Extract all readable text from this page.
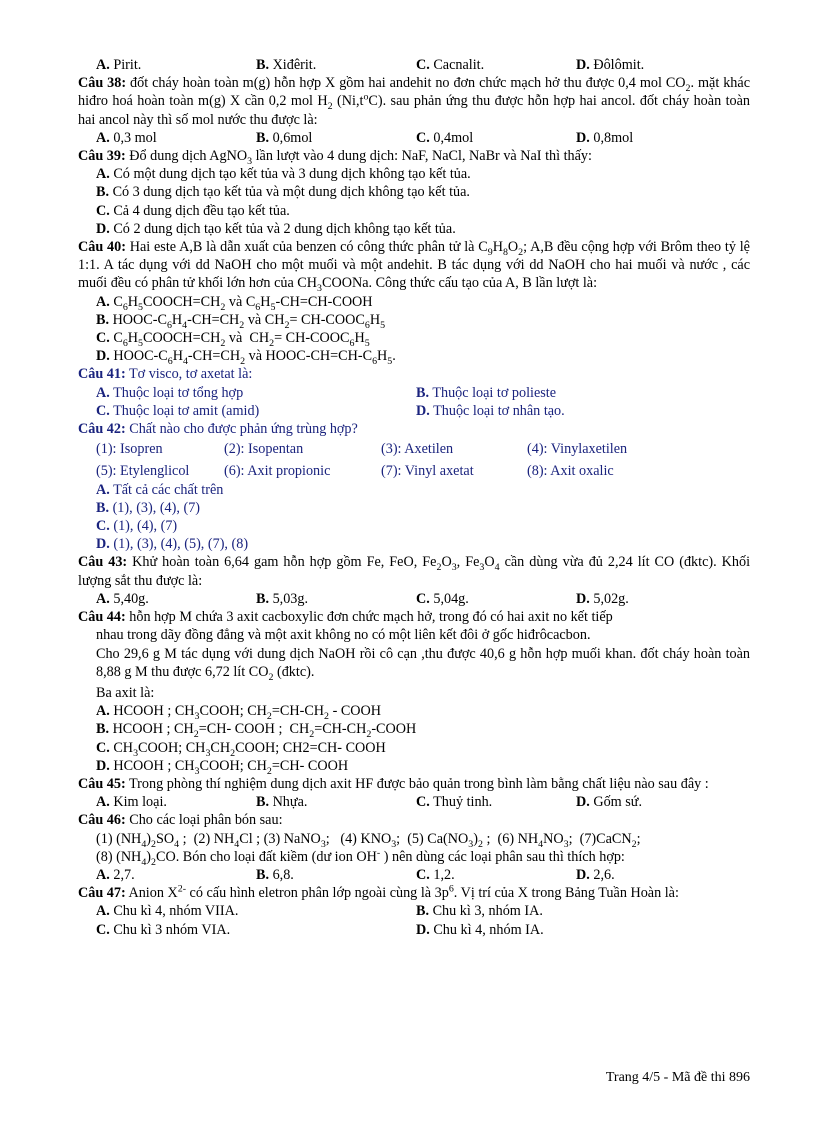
A. Pirit.	B. Xiđêrit.	C. Cacnalit.	D. Đôlômit.

Câu 38: đốt cháy hoàn toàn m(g) hỗn hợp X gồm hai andehit no đơn chức mạch hở thu được 0,4 mol $CO_2$. mặt khác hiđro hoá hoàn toàn m(g) X cần 0,2 mol $H_2$ $(Ni,t^oC)$. sau phản ứng thu được hỗn hợp hai ancol. đốt cháy hoàn toàn hai ancol này thì số mol nước thu được là:

A. 0,3 mol	B. 0,6mol	C. 0,4mol	D. 0,8mol

Câu 39: Đổ dung dịch AgNO$_3$ lần lượt vào 4 dung dịch: NaF, NaCl, NaBr và NaI thì thấy:

A. Có một dung dịch tạo kết tủa và 3 dung dịch không tạo kết tủa.
B. Có 3 dung dịch tạo kết tủa và một dung dịch không tạo kết tủa.
C. Cả 4 dung dịch đều tạo kết tủa.
D. Có 2 dung dịch tạo kết tủa và 2 dung dịch không tạo kết tủa.

Câu 40: Hai este A,B là dẫn xuất của benzen có công thức phân tử là $C_9H_8O_2$; A,B đều cộng hợp với Brôm theo tỷ lệ 1:1. A tác dụng với dd NaOH cho một muối và một andehit. B tác dụng với dd NaOH cho hai muối và nước , các muối đều có phân tử khối lớn hơn của $CH_3COONa$. Công thức cấu tạo của A, B lần lượt là:

A. $C_6H_5COOCH=CH_2$ và $C_6H_5-CH=CH$-COOH
B. HOOC-$C_6H_4-CH=CH_2$ và $CH_2=$ $CH-COOC_6H_5$
C. $C_6H_5COOCH=CH_2$ và  $CH_2=$ $CH-COOC_6H_5$
D. HOOC-$C_6H_4-CH=CH_2$ và HOOC-$CH=CH-C_6H_5$.

Câu 41: Tơ visco, tơ axetat là:

A. Thuộc loại tơ tổng hợp	B. Thuộc loại tơ polieste
C. Thuộc loại tơ amit (amid)	D. Thuộc loại tơ nhân tạo.

Câu 42: Chất nào cho được phản ứng trùng hợp?

(1): Isopren	(2): Isopentan	(3): Axetilen	(4): Vinylaxetilen
(5): Etylenglicol	(6): Axit propionic	(7): Vinyl axetat	(8): Axit oxalic
A. Tất cả các chất trên
B. (1), (3), (4), (7)
C. (1), (4), (7)
D. (1), (3), (4), (5), (7), (8)

Câu 43: Khử hoàn toàn 6,64 gam hỗn hợp gồm Fe, FeO, $Fe_2O_3$, $Fe_3O_4$ cần dùng vừa đủ 2,24 lít CO (đktc). Khối lượng sắt thu được là:

A. 5,40g.	B. 5,03g.	C. 5,04g.	D. 5,02g.

Câu 44: hỗn hợp M chứa 3 axit cacboxylic đơn chức mạch hở, trong đó có hai axit no kết tiếp

nhau trong dãy đồng đẳng và một axit không no có một liên kết đôi ở gốc hiđrôcacbon.

Cho 29,6 g M tác dụng với dung dịch NaOH rồi cô cạn ,thu được 40,6 g hỗn hợp muối khan. đốt cháy hoàn toàn 8,88 g M thu được 6,72 lít $CO_2$ (đktc).

Ba axit là:

A. HCOOH ; $CH_3COOH$; $CH_2=CH-CH_2$ - COOH
B. HCOOH ; $CH_2=CH-$ COOH ;  $CH_2=CH-CH_2$-COOH
C. $CH_3COOH$; $CH_3CH_2COOH$; CH2=CH- COOH
D. HCOOH ; $CH_3COOH$; $CH_2=CH-$ COOH

Câu 45: Trong phòng thí nghiệm dung dịch axit HF được bảo quản trong bình làm bằng chất liệu nào sau đây :

A. Kim loại.	B. Nhựa.	C. Thuỷ tinh.	D. Gốm sứ.

Câu 46: Cho các loại phân bón sau:

(1) $(NH_4)_2SO_4$ ;  (2) $NH_4Cl$ ; (3) NaNO$_3$;   (4) $KNO_3$;  (5) $Ca(NO_3)_2$ ;  (6) $NH_4NO_3$;  (7)CaCN$_2$;

(8) $(NH_4)_2CO$. Bón cho loại đất kiềm (dư ion OH- ) nên dùng các loại phân sau thì thích hợp:

A. 2,7.	B. 6,8.	C. 1,2.	D. 2,6.

Câu 47: Anion $X^{2-}$ có cấu hình eletron phân lớp ngoài cùng là $3p^6$. Vị trí của X trong Bảng Tuần Hoàn là:

A. Chu kì 4, nhóm VIIA.	B. Chu kì 3, nhóm IA.
C. Chu kì 3 nhóm VIA.	D. Chu kì 4, nhóm IA.
Trang 4/5 - Mã đề thi 896
